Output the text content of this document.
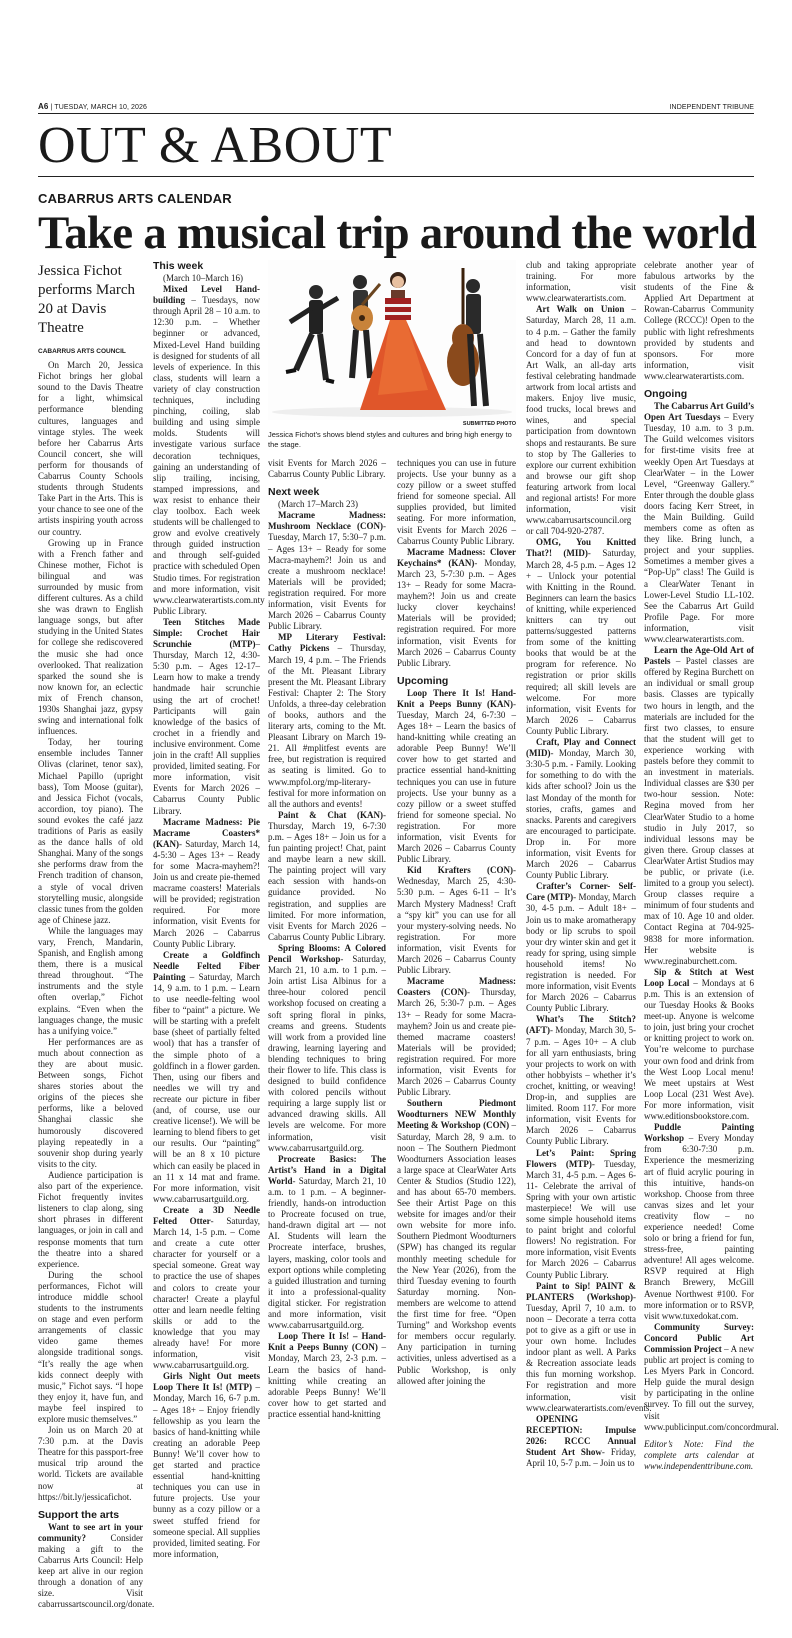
A6 | TUESDAY, MARCH 10, 2026	INDEPENDENT TRIBUNE
OUT & ABOUT
CABARRUS ARTS CALENDAR
Take a musical trip around the world
Jessica Fichot performs March 20 at Davis Theatre
CABARRUS ARTS COUNCIL

On March 20, Jessica Fichot brings her global sound to the Davis Theatre for a light, whimsical performance blending cultures, languages and vintage styles. The week before her Cabarrus Arts Council concert, she will perform for thousands of Cabarrus County Schools students through Students Take Part in the Arts. This is your chance to see one of the artists inspiring youth across our country.

Growing up in France with a French father and Chinese mother, Fichot is bilingual and was surrounded by music from different cultures. As a child she was drawn to English language songs, but after studying in the United States for college she rediscovered the music she had once overlooked. That realization sparked the sound she is now known for, an eclectic mix of French chanson, 1930s Shanghai jazz, gypsy swing and international folk influences.

Today, her touring ensemble includes Tanner Olivas (clarinet, tenor sax), Michael Papillo (upright bass), Tom Moose (guitar), and Jessica Fichot (vocals, accordion, toy piano). The sound evokes the café jazz traditions of Paris as easily as the dance halls of old Shanghai. Many of the songs she performs draw from the French tradition of chanson, a style of vocal driven storytelling music, alongside classic tunes from the golden age of Chinese jazz.

While the languages may vary, French, Mandarin, Spanish, and English among them, there is a musical thread throughout. “The instruments and the style often overlap,” Fichot explains. “Even when the languages change, the music has a unifying voice.”

Her performances are as much about connection as they are about music. Between songs, Fichot shares stories about the origins of the pieces she performs, like a beloved Shanghai classic she humorously discovered playing repeatedly in a souvenir shop during yearly visits to the city.

Audience participation is also part of the experience. Fichot frequently invites listeners to clap along, sing short phrases in different languages, or join in call and response moments that turn the theatre into a shared experience.

During the school performances, Fichot will introduce middle school students to the instruments on stage and even perform arrangements of classic video game themes alongside traditional songs. “It’s really the age when kids connect deeply with music,” Fichot says. “I hope they enjoy it, have fun, and maybe feel inspired to explore music themselves.”

Join us on March 20 at 7:30 p.m. at the Davis Theatre for this passport-free musical trip around the world. Tickets are available now at https://bit.ly/jessicafichot.

Support the arts

Want to see art in your community? Consider making a gift to the Cabarrus Arts Council: Help keep art alive in our region through a donation of any size. Visit cabarrussartscouncil.org/donate.

This week

(March 10–March 16)

Mixed Level Hand-building – Tuesdays, now through April 28 – 10 a.m. to 12:30 p.m. – Whether beginner or advanced, Mixed-Level Hand building is designed for students of all levels of experience. In this class, students will learn a variety of clay construction techniques, including pinching, coiling, slab building and using simple molds. Students will investigate various surface decoration techniques, gaining an understanding of slip trailing, incising, stamped impressions, and wax resist to enhance their clay toolbox. Each week students will be challenged to grow and evolve creatively through guided instruction and through self-guided practice with scheduled Open Studio times. For registration and more information, visit www.clearwaterartists.com.nty Public Library.

Teen Stitches Made Simple: Crochet Hair Scrunchie (MTP)– Thursday, March 12, 4:30-5:30 p.m. – Ages 12-17– Learn how to make a trendy handmade hair scrunchie using the art of crochet! Participants will gain knowledge of the basics of crochet in a friendly and inclusive environment. Come join in the craft! All supplies provided, limited seating. For more information, visit Events for March 2026 – Cabarrus County Public Library.

Macrame Madness: Pie Macrame Coasters* (KAN)- Saturday, March 14, 4-5:30 – Ages 13+ – Ready for some Macra-mayhem?! Join us and create pie-themed macrame coasters! Materials will be provided; registration required. For more information, visit Events for March 2026 – Cabarrus County Public Library.

Create a Goldfinch Needle Felted Fiber Painting – Saturday, March 14, 9 a.m. to 1 p.m. – Learn to use needle-felting wool fiber to “paint” a picture. We will be starting with a prefelt base (sheet of partially felted wool) that has a transfer of the simple photo of a goldfinch in a flower garden. Then, using our fibers and needles we will try and recreate our picture in fiber (and, of course, use our creative license!). We will be learning to blend fibers to get our results. Our “painting” will be an 8 x 10 picture which can easily be placed in an 11 x 14 mat and frame. For more information, visit www.cabarrusartguild.org.

Create a 3D Needle Felted Otter- Saturday, March 14, 1-5 p.m. – Come and create a cute otter character for yourself or a special someone. Great way to practice the use of shapes and colors to create your character! Create a playful otter and learn needle felting skills or add to the knowledge that you may already have! For more information, visit www.cabarrusartguild.org.

Girls Night Out meets Loop There It Is! (MTP) – Monday, March 16, 6-7 p.m. – Ages 18+ – Enjoy friendly fellowship as you learn the basics of hand-knitting while creating an adorable Peep Bunny! We’ll cover how to get started and practice essential hand-knitting techniques you can use in future projects. Use your bunny as a cozy pillow or a sweet stuffed friend for someone special. All supplies provided, limited seating. For more information,

SUBMITTED PHOTO
Jessica Fichot’s shows blend styles and cultures and bring high energy to the stage.

visit Events for March 2026 – Cabarrus County Public Library.

Next week

(March 17–March 23)

Macrame Madness: Mushroom Necklace (CON)- Tuesday, March 17, 5:30–7 p.m. – Ages 13+ – Ready for some Macra-mayhem?! Join us and create a mushroom necklace! Materials will be provided; registration required. For more information, visit Events for March 2026 – Cabarrus County Public Library.

MP Literary Festival: Cathy Pickens – Thursday, March 19, 4 p.m. – The Friends of the Mt. Pleasant Library present the Mt. Pleasant Library Festival: Chapter 2: The Story Unfolds, a three-day celebration of books, authors and the literary arts, coming to the Mt. Pleasant Library on March 19-21. All #mplitfest events are free, but registration is required as seating is limited. Go to www.mpfol.org/mp-literary-festival for more information on all the authors and events!

Paint & Chat (KAN)- Thursday, March 19, 6-7:30 p.m. – Ages 18+ – Join us for a fun painting project! Chat, paint and maybe learn a new skill. The painting project will vary each session with hands-on guidance provided. No registration, and supplies are limited. For more information, visit Events for March 2026 – Cabarrus County Public Library.

Spring Blooms: A Colored Pencil Workshop- Saturday, March 21, 10 a.m. to 1 p.m. – Join artist Lisa Albinus for a three-hour colored pencil workshop focused on creating a soft spring floral in pinks, creams and greens. Students will work from a provided line drawing, learning layering and blending techniques to bring their flower to life. This class is designed to build confidence with colored pencils without requiring a large supply list or advanced drawing skills. All levels are welcome. For more information, visit www.cabarrusartguild.org.

Procreate Basics: The Artist’s Hand in a Digital World- Saturday, March 21, 10 a.m. to 1 p.m. – A beginner-friendly, hands-on introduction to Procreate focused on true, hand-drawn digital art — not AI. Students will learn the Procreate interface, brushes, layers, masking, color tools and export options while completing a guided illustration and turning it into a professional-quality digital sticker. For registration and more information, visit www.cabarrusartguild.org.

Loop There It Is! – Hand-Knit a Peeps Bunny (CON) – Monday, March 23, 2-3 p.m. – Learn the basics of hand-knitting while creating an adorable Peeps Bunny! We’ll cover how to get started and practice essential hand-knitting

techniques you can use in future projects. Use your bunny as a cozy pillow or a sweet stuffed friend for someone special. All supplies provided, but limited seating. For more information, visit Events for March 2026 – Cabarrus County Public Library.

Macrame Madness: Clover Keychains* (KAN)- Monday, March 23, 5-7:30 p.m. – Ages 13+ – Ready for some Macra-mayhem?! Join us and create lucky clover keychains! Materials will be provided; registration required. For more information, visit Events for March 2026 – Cabarrus County Public Library.

Upcoming

Loop There It Is! Hand-Knit a Peeps Bunny (KAN)- Tuesday, March 24, 6-7:30 – Ages 18+ – Learn the basics of hand-knitting while creating an adorable Peep Bunny! We’ll cover how to get started and practice essential hand-knitting techniques you can use in future projects. Use your bunny as a cozy pillow or a sweet stuffed friend for someone special. No registration. For more information, visit Events for March 2026 – Cabarrus County Public Library.

Kid Krafters (CON)- Wednesday, March 25, 4:30-5:30 p.m. – Ages 6-11 – It’s March Mystery Madness! Craft a “spy kit” you can use for all your mystery-solving needs. No registration. For more information, visit Events for March 2026 – Cabarrus County Public Library.

Macrame Madness: Coasters (CON)- Thursday, March 26, 5:30-7 p.m. – Ages 13+ – Ready for some Macra-mayhem? Join us and create pie-themed macrame coasters! Materials will be provided; registration required. For more information, visit Events for March 2026 – Cabarrus County Public Library.

Southern Piedmont Woodturners NEW Monthly Meeting & Workshop (CON) – Saturday, March 28, 9 a.m. to noon – The Southern Piedmont Woodturners Association leases a large space at ClearWater Arts Center & Studios (Studio 122), and has about 65-70 members. See their Artist Page on this website for images and/or their own website for more info. Southern Piedmont Woodturners (SPW) has changed its regular monthly meeting schedule for the New Year (2026), from the third Tuesday evening to fourth Saturday morning. Non-members are welcome to attend the first time for free. “Open Turning” and Workshop events for members occur regularly. Any participation in turning activities, unless advertised as a Public Workshop, is only allowed after joining the

club and taking appropriate training. For more information, visit www.clearwaterartists.com.

Art Walk on Union – Saturday, March 28, 11 a.m. to 4 p.m. – Gather the family and head to downtown Concord for a day of fun at Art Walk, an all-day arts festival celebrating handmade artwork from local artists and makers. Enjoy live music, food trucks, local brews and wines, and special participation from downtown shops and restaurants. Be sure to stop by The Galleries to explore our current exhibition and browse our gift shop featuring artwork from local and regional artists! For more information, visit www.cabarrusartscouncil.org or call 704-920-2787.

OMG, You Knitted That?! (MID)- Saturday, March 28, 4-5 p.m. – Ages 12 + – Unlock your potential with Knitting in the Round. Beginners can learn the basics of knitting, while experienced knitters can try out patterns/suggested patterns from some of the knitting books that would be at the program for reference. No registration or prior skills required; all skill levels are welcome. For more information, visit Events for March 2026 – Cabarrus County Public Library.

Craft, Play and Connect (MID)- Monday, March 30, 3:30-5 p.m. - Family. Looking for something to do with the kids after school? Join us the last Monday of the month for stories, crafts, games and snacks. Parents and caregivers are encouraged to participate. Drop in. For more information, visit Events for March 2026 – Cabarrus County Public Library.

Crafter’s Corner- Self-Care (MTP)- Monday, March 30, 4-5 p.m. – Adult 18+ – Join us to make aromatherapy body or lip scrubs to spoil your dry winter skin and get it ready for spring, using simple household items! No registration is needed. For more information, visit Events for March 2026 – Cabarrus County Public Library.

What’s The Stitch? (AFT)- Monday, March 30, 5-7 p.m. – Ages 10+ – A club for all yarn enthusiasts, bring your projects to work on with other hobbyists – whether it’s crochet, knitting, or weaving! Drop-in, and supplies are limited. Room 117. For more information, visit Events for March 2026 – Cabarrus County Public Library.

Let’s Paint: Spring Flowers (MTP)- Tuesday, March 31, 4-5 p.m. – Ages 6-11- Celebrate the arrival of Spring with your own artistic masterpiece! We will use some simple household items to paint bright and colorful flowers! No registration. For more information, visit Events for March 2026 – Cabarrus County Public Library.

Paint to Sip! PAINT & PLANTERS (Workshop)- Tuesday, April 7, 10 a.m. to noon – Decorate a terra cotta pot to give as a gift or use in your own home. Includes indoor plant as well. A Parks & Recreation associate leads this fun morning workshop. For registration and more information, visit www.clearwaterartists.com/events.

OPENING RECEPTION: Impulse 2026: RCCC Annual Student Art Show- Friday, April 10, 5-7 p.m. – Join us to

celebrate another year of fabulous artworks by the students of the Fine & Applied Art Department at Rowan-Cabarrus Community College (RCCC)! Open to the public with light refreshments provided by students and sponsors. For more information, visit www.clearwaterartists.com.

Ongoing

The Cabarrus Art Guild’s Open Art Tuesdays – Every Tuesday, 10 a.m. to 3 p.m. The Guild welcomes visitors for first-time visits free at weekly Open Art Tuesdays at ClearWater – in the Lower Level, “Greenway Gallery.” Enter through the double glass doors facing Kerr Street, in the Main Building. Guild members come as often as they like. Bring lunch, a project and your supplies. Sometimes a member gives a “Pop-Up” class! The Guild is a ClearWater Tenant in Lower-Level Studio LL-102. See the Cabarrus Art Guild Profile Page. For more information, visit www.clearwaterartists.com.

Learn the Age-Old Art of Pastels – Pastel classes are offered by Regina Burchett on an individual or small group basis. Classes are typically two hours in length, and the materials are included for the first two classes, to ensure that the student will get to experience working with pastels before they commit to an investment in materials. Individual classes are $30 per two-hour session. Note: Regina moved from her ClearWater Studio to a home studio in July 2017, so individual lessons may be given there. Group classes at ClearWater Artist Studios may be public, or private (i.e. limited to a group you select). Group classes require a minimum of four students and max of 10. Age 10 and older. Contact Regina at 704-925-9838 for more information. Her website is www.reginaburchett.com.

Sip & Stitch at West Loop Local – Mondays at 6 p.m. This is an extension of our Tuesday Hooks & Books meet-up. Anyone is welcome to join, just bring your crochet or knitting project to work on. You’re welcome to purchase your own food and drink from the West Loop Local menu! We meet upstairs at West Loop Local (231 West Ave). For more information, visit www.editionsbookstore.com.

Puddle Painting Workshop – Every Monday from 6:30-7:30 p.m. Experience the mesmerizing art of fluid acrylic pouring in this intuitive, hands-on workshop. Choose from three canvas sizes and let your creativity flow – no experience needed! Come solo or bring a friend for fun, stress-free, painting adventure! All ages welcome. RSVP required at High Branch Brewery, McGill Avenue Northwest #100. For more information or to RSVP, visit www.tuxedokat.com.

Community Survey: Concord Public Art Commission Project – A new public art project is coming to Les Myers Park in Concord. Help guide the mural design by participating in the online survey. To fill out the survey, visit www.publicinput.com/concordmural.

Editor’s Note: Find the complete arts calendar at www.independenttribune.com.
